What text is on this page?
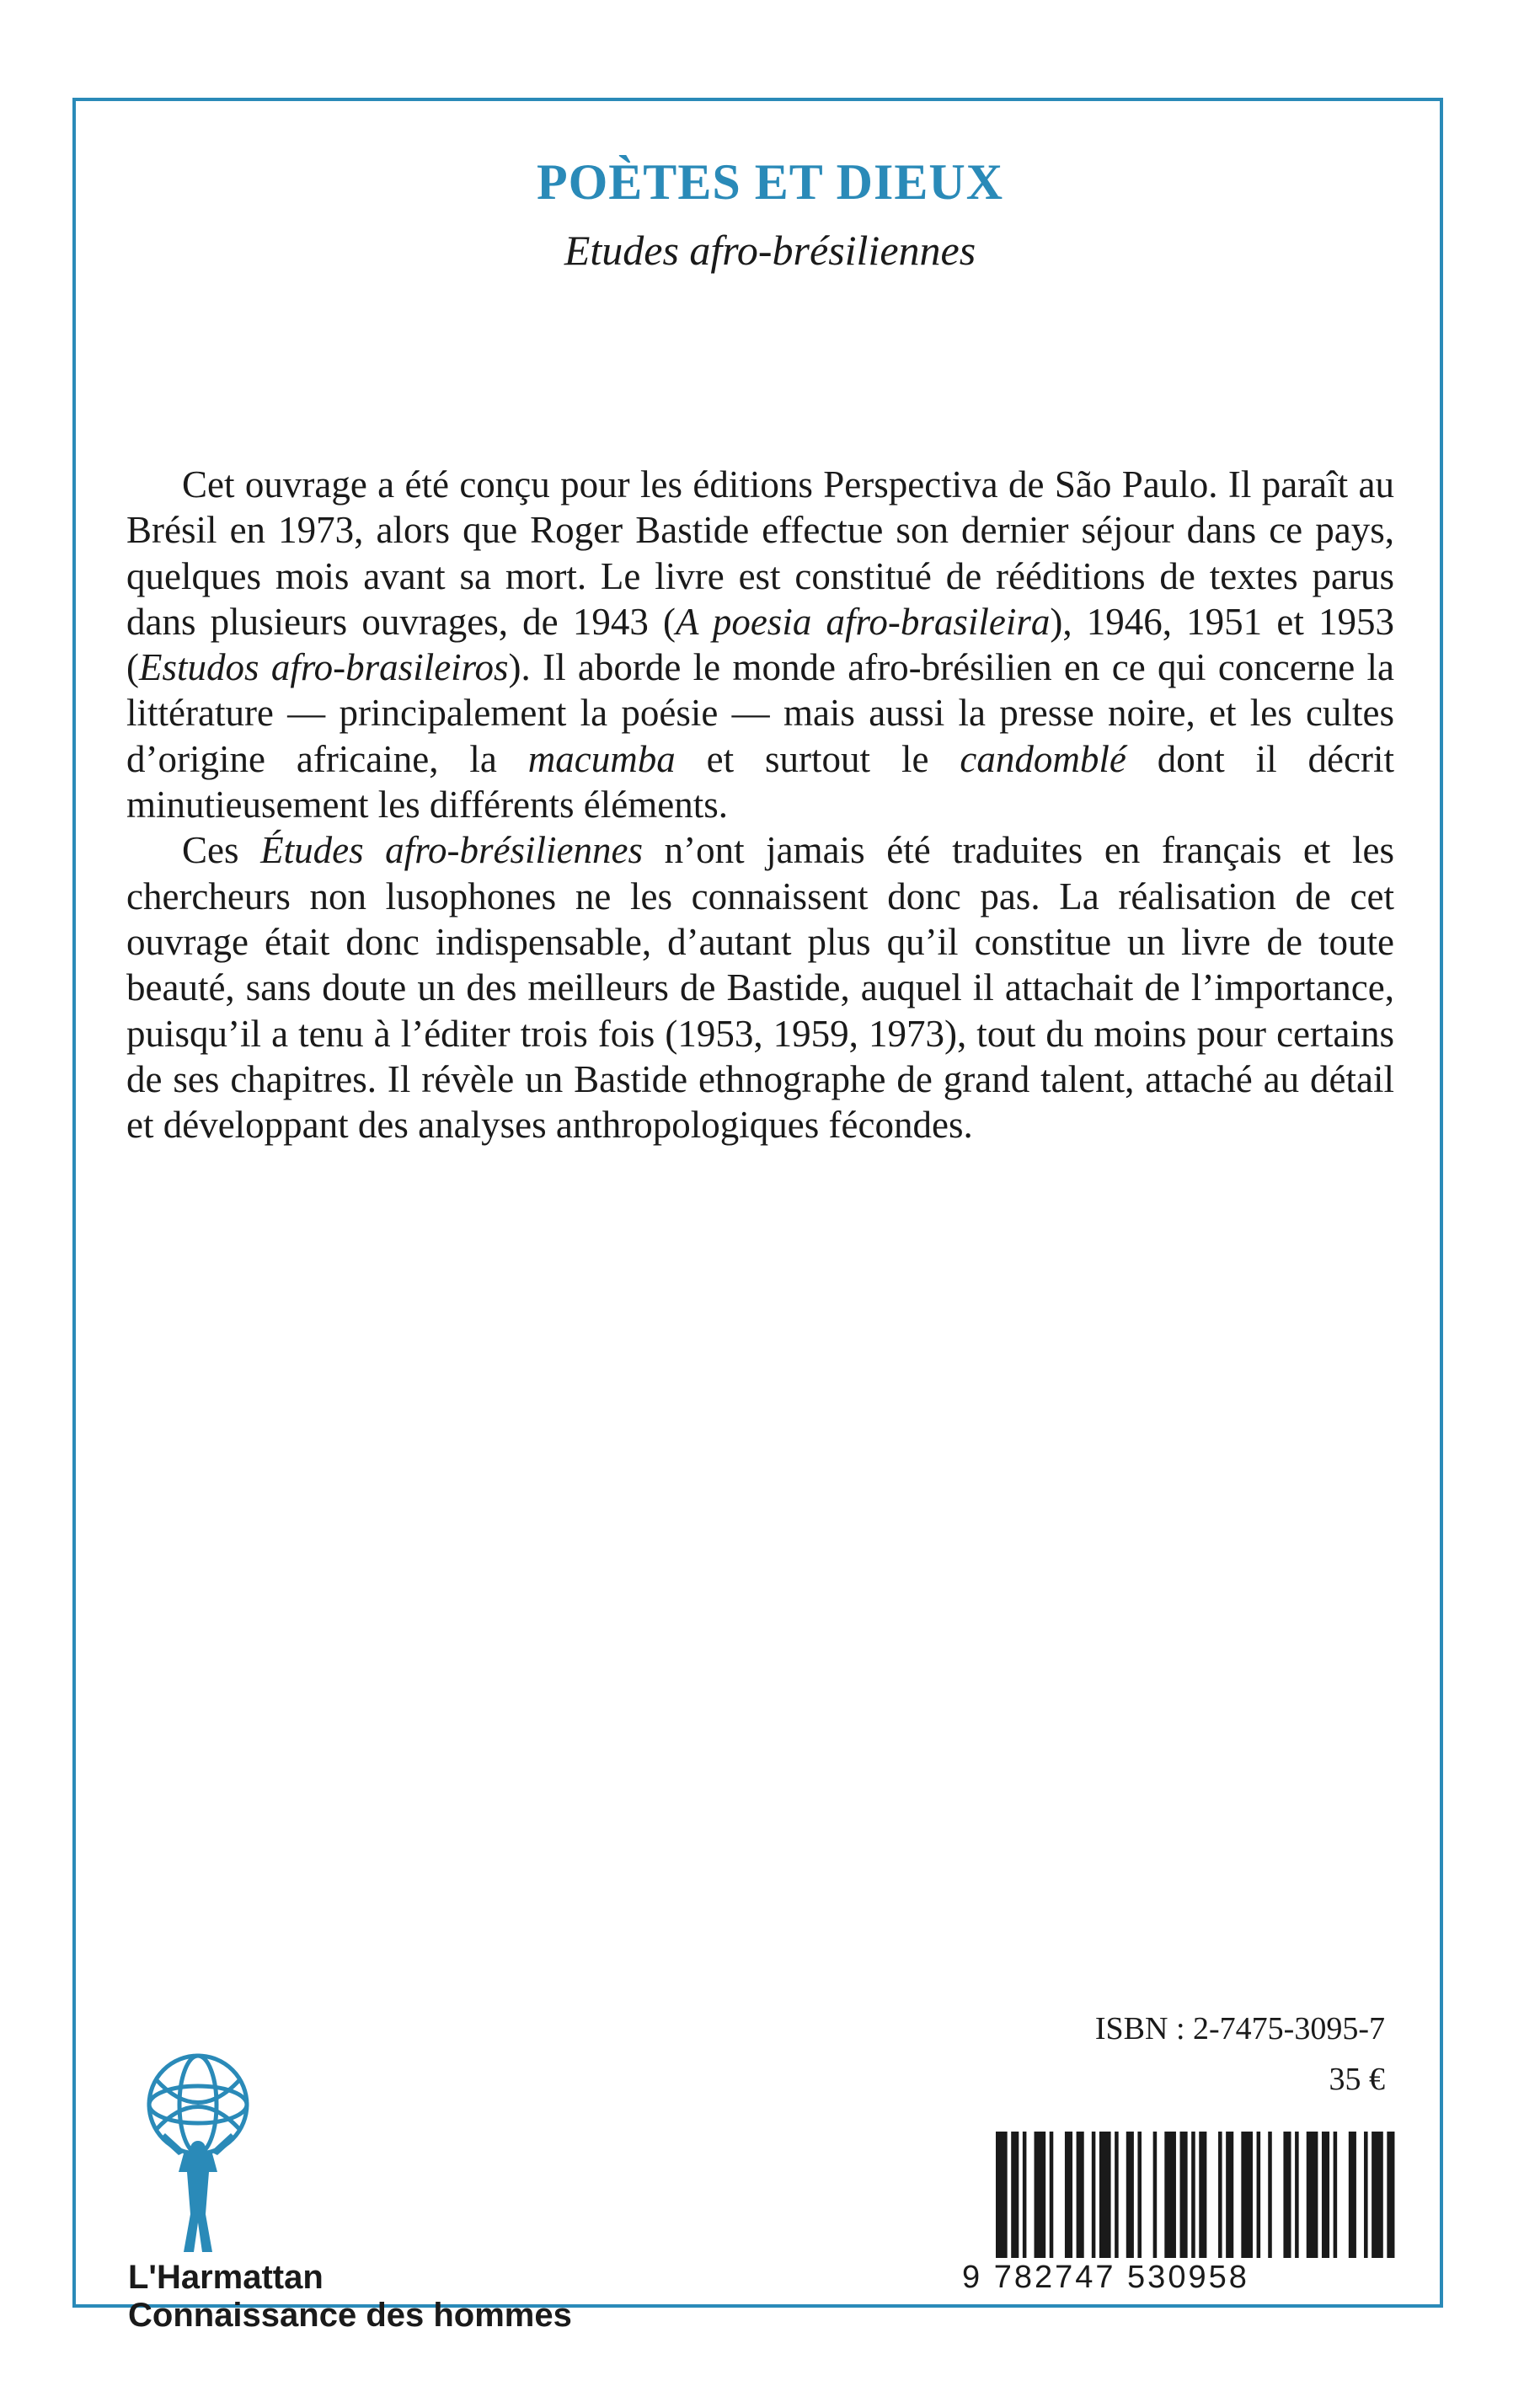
POÈTES ET DIEUX
Etudes afro-brésiliennes

Cet ouvrage a été conçu pour les éditions Perspectiva de São Paulo. Il paraît au Brésil en 1973, alors que Roger Bastide effectue son dernier séjour dans ce pays, quelques mois avant sa mort. Le livre est constitué de rééditions de textes parus dans plusieurs ouvrages, de 1943 (A poesia afro-brasileira), 1946, 1951 et 1953 (Estudos afro-brasileiros). Il aborde le monde afro-brésilien en ce qui concerne la littérature — principalement la poésie — mais aussi la presse noire, et les cultes d’origine africaine, la macumba et surtout le candomblé dont il décrit minutieusement les différents éléments.

Ces Études afro-brésiliennes n’ont jamais été traduites en français et les chercheurs non lusophones ne les connaissent donc pas. La réalisation de cet ouvrage était donc indispensable, d’autant plus qu’il constitue un livre de toute beauté, sans doute un des meilleurs de Bastide, auquel il attachait de l’importance, puisqu’il a tenu à l’éditer trois fois (1953, 1959, 1973), tout du moins pour certains de ses chapitres. Il révèle un Bastide ethnographe de grand talent, attaché au détail et développant des analyses anthropologiques fécondes.

ISBN : 2-7475-3095-7
35 €
9 782747 530958
L'Harmattan
Connaissance des hommes
